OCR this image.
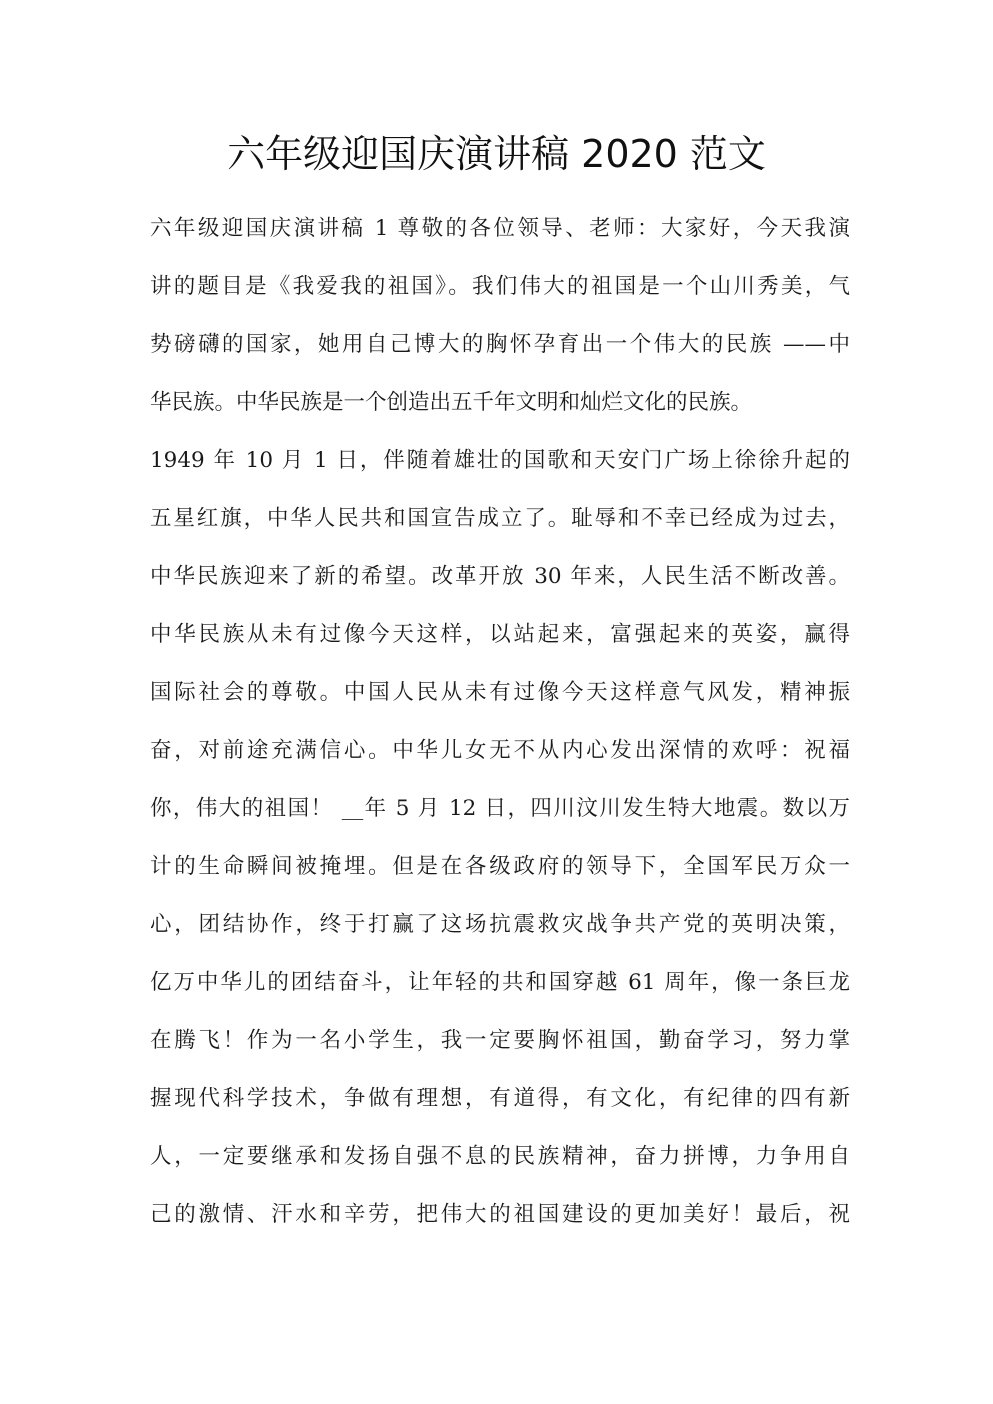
六年级迎国庆演讲稿 2020 范文
六年级迎国庆演讲稿 1 尊敬的各位领导、老师：大家好，今天我演
讲的题目是《我爱我的祖国》。我们伟大的祖国是一个山川秀美，气
势磅礴的国家，她用自己博大的胸怀孕育出一个伟大的民族 ——中
华民族。中华民族是一个创造出五千年文明和灿烂文化的民族。
1949 年 10 月 1 日，伴随着雄壮的国歌和天安门广场上徐徐升起的
五星红旗，中华人民共和国宣告成立了。耻辱和不幸已经成为过去，
中华民族迎来了新的希望。改革开放 30 年来，人民生活不断改善。
中华民族从未有过像今天这样，以站起来，富强起来的英姿，赢得
国际社会的尊敬。中国人民从未有过像今天这样意气风发，精神振
奋，对前途充满信心。中华儿女无不从内心发出深情的欢呼：祝福
你，伟大的祖国！ __年 5 月 12 日，四川汶川发生特大地震。数以万
计的生命瞬间被掩埋。但是在各级政府的领导下，全国军民万众一
心，团结协作，终于打赢了这场抗震救灾战争共产党的英明决策，
亿万中华儿的团结奋斗，让年轻的共和国穿越 61 周年，像一条巨龙
在腾飞！作为一名小学生，我一定要胸怀祖国，勤奋学习，努力掌
握现代科学技术，争做有理想，有道得，有文化，有纪律的四有新
人，一定要继承和发扬自强不息的民族精神，奋力拼博，力争用自
己的激情、汗水和辛劳，把伟大的祖国建设的更加美好！最后，祝
